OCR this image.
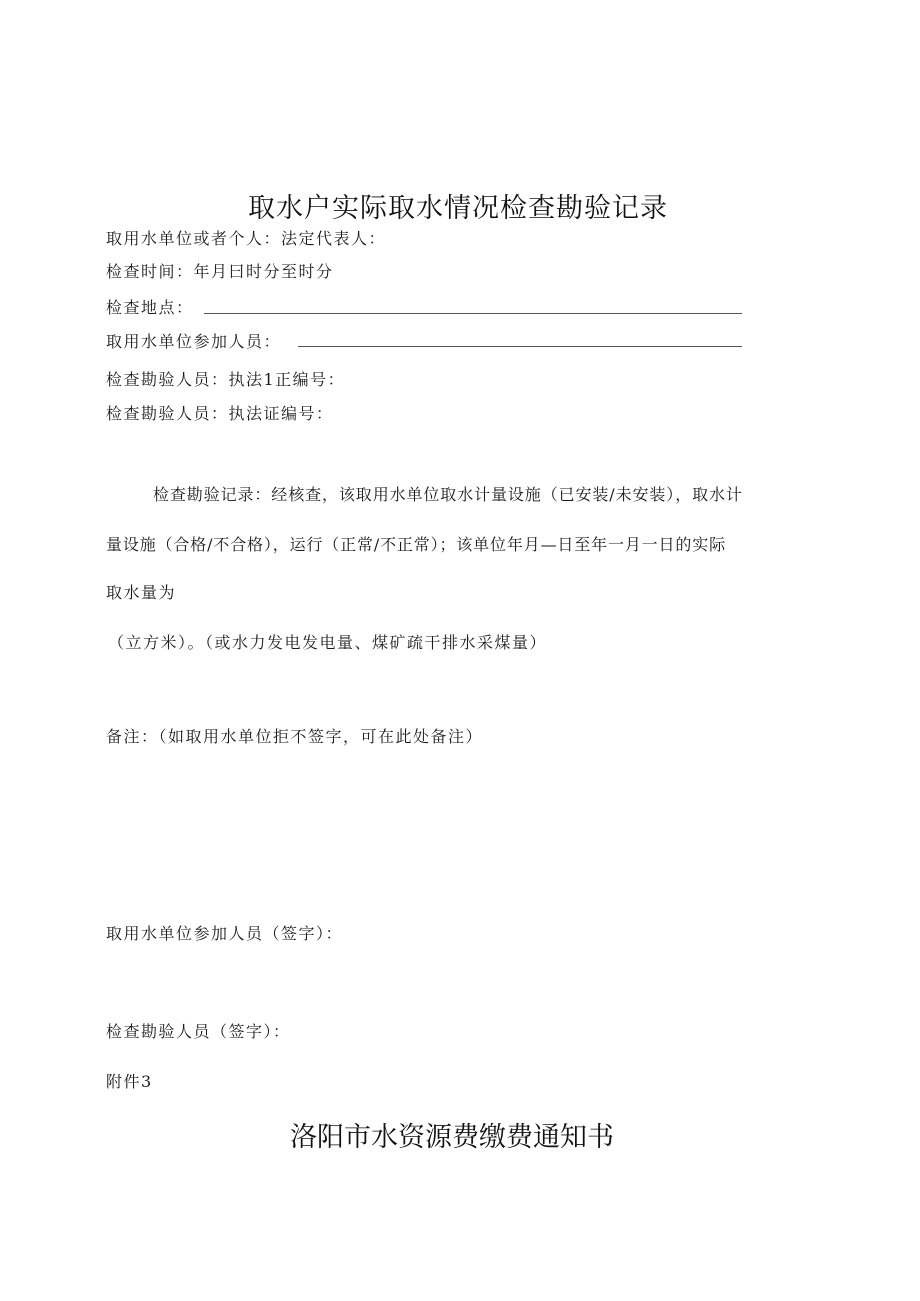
取水户实际取水情况检查勘验记录
取用水单位或者个人：法定代表人：
检查时间：年月曰时分至时分
检查地点：
取用水单位参加人员：
检查勘验人员：执法1正编号：
检查勘验人员：执法证编号：
检查勘验记录：经核查，该取用水单位取水计量设施（已安装/未安装），取水计
量设施（合格/不合格），运行（正常/不正常）；该单位年月—日至年一月一日的实际
取水量为
（立方米）。（或水力发电发电量、煤矿疏干排水采煤量）
备注：（如取用水单位拒不签字，可在此处备注）
取用水单位参加人员（签字）：
检查勘验人员（签字）：
附件3
洛阳市水资源费缴费通知书
